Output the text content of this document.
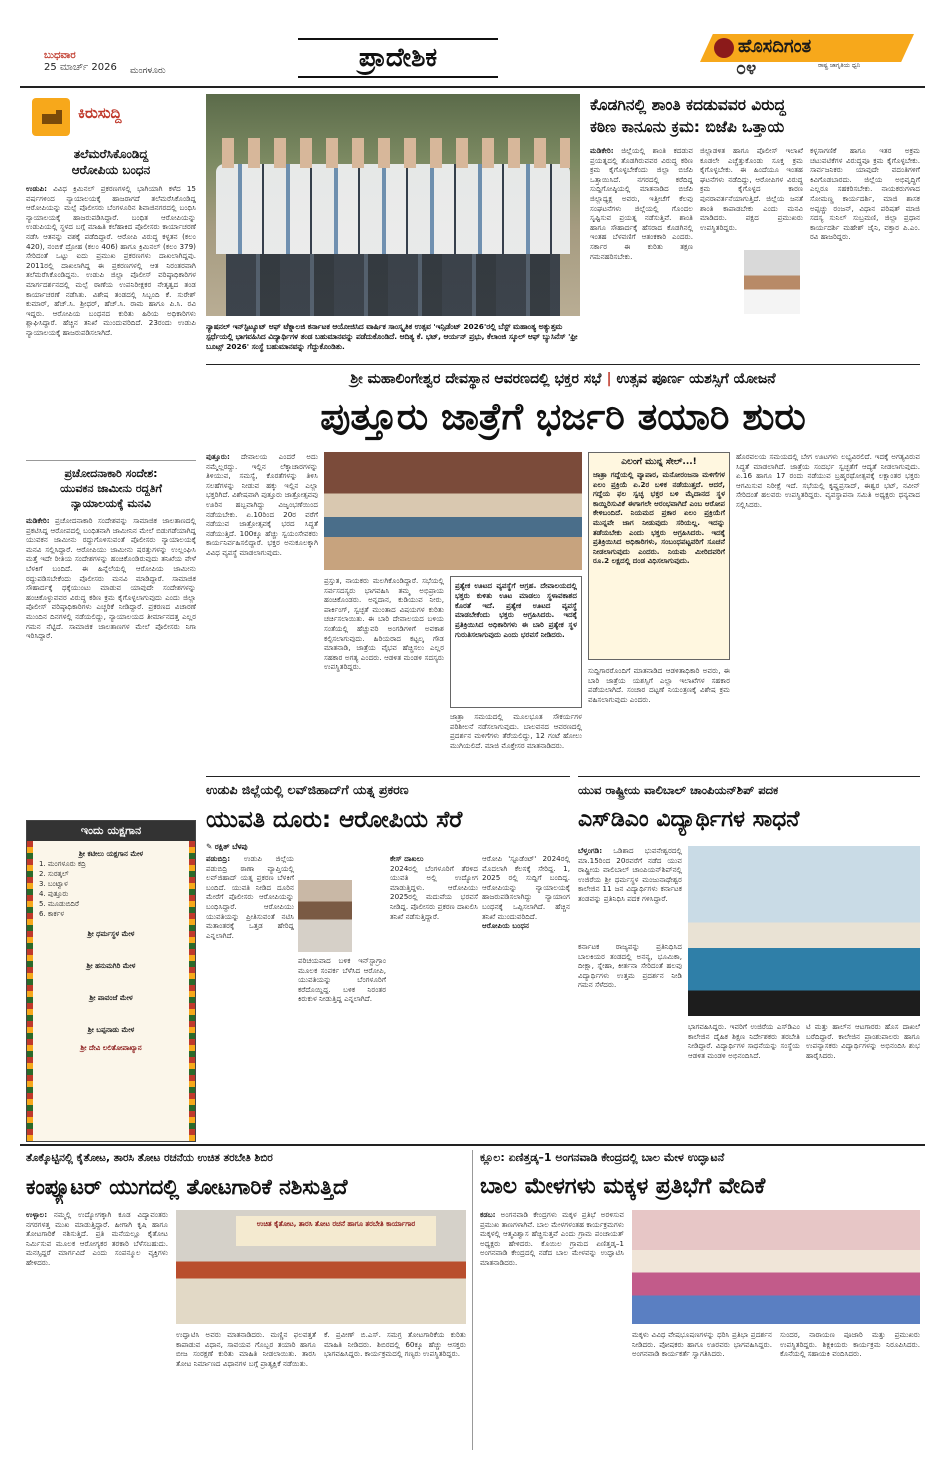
ಬುಧವಾರ
25 ಮಾರ್ಚ್ 2026	ಮಂಗಳೂರು	ಪ್ರಾದೇಶಿಕ	ಹೊಸದಿಗಂತ
ರಾಷ್ಟ್ರ ಜಾಗೃತಿಯ ಧ್ವನಿ
೦೪
ಕಿರುಸುದ್ದಿ
ತಲೆಮರೆಸಿಕೊಂಡಿದ್ದ
ಆರೋಪಿಯ ಬಂಧನ
ಉಡುಪಿ: ವಿವಿಧ ಕ್ರಿಮಿನಲ್ ಪ್ರಕರಣಗಳಲ್ಲಿ ಭಾಗಿಯಾಗಿ ಕಳೆದ 15 ವರ್ಷಗಳಿಂದ ನ್ಯಾಯಾಲಯಕ್ಕೆ ಹಾಜರಾಗದೆ ತಲೆಮರೆಸಿಕೊಂಡಿದ್ದ ಆರೋಪಿಯನ್ನು ಮಲ್ಪೆ ಪೊಲೀಸರು ಬೆಂಗಳೂರಿನ ಶಿವಾಜಿನಗರದಲ್ಲಿ ಬಂಧಿಸಿ ನ್ಯಾಯಾಲಯಕ್ಕೆ ಹಾಜರುಪಡಿಸಿದ್ದಾರೆ. ಬಂಧಿತ ಆರೋಪಿಯನ್ನು ಉಡುಪಿಯಲ್ಲಿ ಸ್ಥಳದ ಬಗ್ಗೆ ಮಾಹಿತಿ ಕಲೆಹಾಕಿದ ಪೊಲೀಸರು ಕಾರ್ಯಾಚರಣೆ ನಡೆಸಿ ಆತನನ್ನು ವಶಕ್ಕೆ ಪಡೆದಿದ್ದಾರೆ. ಆರೋಪಿ ವಿರುದ್ಧ ಕಳ್ಳತನ (ಕಲಂ 420), ನಂಬಿಕೆ ದ್ರೋಹ (ಕಲಂ 406) ಹಾಗೂ ಕ್ರಿಮಿನಲ್ (ಕಲಂ 379) ಸೇರಿದಂತೆ ಒಟ್ಟು ಐದು ಪ್ರಮುಖ ಪ್ರಕರಣಗಳು ದಾಖಲಾಗಿದ್ದವು. 2011ರಲ್ಲಿ ದಾಖಲಾಗಿದ್ದ ಈ ಪ್ರಕರಣಗಳಲ್ಲಿ ಆತ ನಿರಂತರವಾಗಿ ತಲೆಮರೆಸಿಕೊಂಡಿದ್ದನು. ಉಡುಪಿ ಜಿಲ್ಲಾ ಪೊಲೀಸ್ ವರಿಷ್ಠಾಧಿಕಾರಿಗಳ ಮಾರ್ಗದರ್ಶನದಲ್ಲಿ ಮಲ್ಪೆ ಠಾಣೆಯ ಉಪನಿರೀಕ್ಷಕರ ನೇತೃತ್ವದ ತಂಡ ಕಾರ್ಯಾಚರಣೆ ನಡೆಸಿತು. ವಿಶೇಷ ತಂಡದಲ್ಲಿ ಸಿಬ್ಬಂದಿ ಕೆ. ಸುರೇಶ್ ಕುಮಾರ್, ಹೆಚ್.ಸಿ. ಶ್ರೀಧರ್, ಹೆಚ್.ಸಿ. ರಾಮ ಹಾಗೂ ಪಿ.ಸಿ. ರವಿ ಇದ್ದರು. ಆರೋಪಿಯ ಬಂಧನದ ಕುರಿತು ಹಿರಿಯ ಅಧಿಕಾರಿಗಳು ಶ್ಲಾಘಿಸಿದ್ದಾರೆ. ಹೆಚ್ಚಿನ ತನಿಖೆ ಮುಂದುವರಿದಿದೆ. 23ರಂದು ಉಡುಪಿ ನ್ಯಾಯಾಲಯಕ್ಕೆ ಹಾಜರುಪಡಿಸಲಾಗಿದೆ.
ಪ್ರಚೋದನಾಕಾರಿ ಸಂದೇಶ:
ಯುವಕನ ಜಾಮೀನು ರದ್ದತಿಗೆ
ನ್ಯಾಯಾಲಯಕ್ಕೆ ಮನವಿ
ಮಡಿಕೇರಿ: ಪ್ರಚೋದನಾಕಾರಿ ಸಂದೇಶವನ್ನು ಸಾಮಾಜಿಕ ಜಾಲತಾಣದಲ್ಲಿ ಪ್ರಕಟಿಸಿದ್ದ ಆರೋಪದಲ್ಲಿ ಬಂಧಿತನಾಗಿ ಜಾಮೀನಿನ ಮೇಲೆ ಬಿಡುಗಡೆಯಾಗಿದ್ದ ಯುವಕನ ಜಾಮೀನು ರದ್ದುಗೊಳಿಸುವಂತೆ ಪೊಲೀಸರು ನ್ಯಾಯಾಲಯಕ್ಕೆ ಮನವಿ ಸಲ್ಲಿಸಿದ್ದಾರೆ. ಆರೋಪಿಯು ಜಾಮೀನು ಷರತ್ತುಗಳನ್ನು ಉಲ್ಲಂಘಿಸಿ ಮತ್ತೆ ಇದೇ ರೀತಿಯ ಸಂದೇಶಗಳನ್ನು ಹಂಚಿಕೊಂಡಿರುವುದು ತನಿಖೆಯ ವೇಳೆ ಬೆಳಕಿಗೆ ಬಂದಿದೆ. ಈ ಹಿನ್ನೆಲೆಯಲ್ಲಿ ಆರೋಪಿಯ ಜಾಮೀನು ರದ್ದುಪಡಿಸಬೇಕೆಂದು ಪೊಲೀಸರು ಮನವಿ ಮಾಡಿದ್ದಾರೆ. ಸಾಮಾಜಿಕ ಸೌಹಾರ್ದಕ್ಕೆ ಧಕ್ಕೆಯುಂಟು ಮಾಡುವ ಯಾವುದೇ ಸಂದೇಶಗಳನ್ನು ಹಂಚಿಕೊಳ್ಳುವವರ ವಿರುದ್ಧ ಕಠಿಣ ಕ್ರಮ ಕೈಗೊಳ್ಳಲಾಗುವುದು ಎಂದು ಜಿಲ್ಲಾ ಪೊಲೀಸ್ ವರಿಷ್ಠಾಧಿಕಾರಿಗಳು ಎಚ್ಚರಿಕೆ ನೀಡಿದ್ದಾರೆ. ಪ್ರಕರಣದ ವಿಚಾರಣೆ ಮುಂದಿನ ದಿನಗಳಲ್ಲಿ ನಡೆಯಲಿದ್ದು, ನ್ಯಾಯಾಲಯದ ತೀರ್ಮಾನದತ್ತ ಎಲ್ಲರ ಗಮನ ನೆಟ್ಟಿದೆ. ಸಾಮಾಜಿಕ ಜಾಲತಾಣಗಳ ಮೇಲೆ ಪೊಲೀಸರು ನಿಗಾ ಇರಿಸಿದ್ದಾರೆ.
ಇಂದು ಯಕ್ಷಗಾನ
ಶ್ರೀ ಕಟೀಲು ಯಕ್ಷಗಾನ ಮೇಳ
1. ಮಂಗಳೂರು ಕದ್ರಿ
2. ಸುರತ್ಕಲ್
3. ಬಂಟ್ವಾಳ
4. ಪುತ್ತೂರು
5. ಮೂಡುಬಿದಿರೆ
6. ಕಾರ್ಕಳ
ಶ್ರೀ ಧರ್ಮಸ್ಥಳ ಮೇಳ
ಶ್ರೀ ಹನುಮಗಿರಿ ಮೇಳ
ಶ್ರೀ ಪಾವಂಜೆ ಮೇಳ
ಶ್ರೀ ಬಪ್ಪನಾಡು ಮೇಳ
ಶ್ರೀ ದೇವಿ ಲಲಿತೋಪಾಖ್ಯಾನ
ನ್ಯಾಷನಲ್ ಇನ್‌ಸ್ಟಿಟ್ಯೂಟ್ ಆಫ್ ಟೆಕ್ನಾಲಜಿ ಕರ್ನಾಟಕ ಆಯೋಜಿಸಿದ ವಾರ್ಷಿಕ ಸಾಂಸ್ಕೃತಿಕ ಉತ್ಸವ 'ಇನ್ಸಿಡೆಂಟ್ 2026'ರಲ್ಲಿ ಬೆಸ್ಟ್ ಮಹಾಂತ್ಯ ಅತ್ಯುತ್ತಮ ಸ್ಪರ್ಧೆಯಲ್ಲಿ ಭಾಗವಹಿಸಿದ ವಿದ್ಯಾರ್ಥಿಗಳ ತಂಡ ಬಹುಮಾನವನ್ನು ಪಡೆದುಕೊಂಡಿದೆ. ಆದಿತ್ಯ ಕೆ. ಭಟ್, ಆರ್ಯನ್ ಪ್ರಭು, ಕೆಲಾಂಜಿ ಸ್ಕೂಲ್ ಆಫ್ ಬ್ಯುಸಿನೆಸ್ 'ಫ್ರೀ ಬೂಟ್ಸ್ 2026' ಸಂಸ್ಥೆ ಬಹುಮಾನವನ್ನು ಗೆದ್ದುಕೊಂಡಿತು.
ಕೊಡಗಿನಲ್ಲಿ ಶಾಂತಿ ಕದಡುವವರ ವಿರುದ್ಧ
ಕಠಿಣ ಕಾನೂನು ಕ್ರಮ: ಬಿಜೆಪಿ ಒತ್ತಾಯ
ಮಡಿಕೇರಿ: ಜಿಲ್ಲೆಯಲ್ಲಿ ಶಾಂತಿ ಕದಡುವ ಪ್ರಯತ್ನದಲ್ಲಿ ತೊಡಗಿರುವವರ ವಿರುದ್ಧ ಕಠಿಣ ಕ್ರಮ ಕೈಗೊಳ್ಳಬೇಕೆಂದು ಜಿಲ್ಲಾ ಬಿಜೆಪಿ ಒತ್ತಾಯಿಸಿದೆ. ನಗರದಲ್ಲಿ ಕರೆದಿದ್ದ ಸುದ್ದಿಗೋಷ್ಠಿಯಲ್ಲಿ ಮಾತನಾಡಿದ ಬಿಜೆಪಿ ಜಿಲ್ಲಾಧ್ಯಕ್ಷ ಅವರು, ಇತ್ತೀಚೆಗೆ ಕೆಲವು ಸಂಘಟನೆಗಳು ಜಿಲ್ಲೆಯಲ್ಲಿ ಗೊಂದಲ ಸೃಷ್ಟಿಸುವ ಪ್ರಯತ್ನ ನಡೆಸುತ್ತಿವೆ. ಶಾಂತಿ ಹಾಗೂ ಸೌಹಾರ್ದಕ್ಕೆ ಹೆಸರಾದ ಕೊಡಗಿನಲ್ಲಿ ಇಂತಹ ಬೆಳವಣಿಗೆ ಆತಂಕಕಾರಿ ಎಂದರು. ಸರ್ಕಾರ ಈ ಕುರಿತು ತಕ್ಷಣ ಗಮನಹರಿಸಬೇಕು.
ಜಿಲ್ಲಾಡಳಿತ ಹಾಗೂ ಪೊಲೀಸ್ ಇಲಾಖೆ ಕೂಡಲೇ ಎಚ್ಚೆತ್ತುಕೊಂಡು ಸೂಕ್ತ ಕ್ರಮ ಕೈಗೊಳ್ಳಬೇಕು. ಈ ಹಿಂದೆಯೂ ಇಂತಹ ಘಟನೆಗಳು ನಡೆದಿದ್ದು, ಆರೋಪಿಗಳ ವಿರುದ್ಧ ಕ್ರಮ ಕೈಗೊಳ್ಳದ ಕಾರಣ ಪುನರಾವರ್ತನೆಯಾಗುತ್ತಿದೆ. ಜಿಲ್ಲೆಯ ಜನತೆ ಶಾಂತಿ ಕಾಪಾಡಬೇಕು ಎಂದು ಮನವಿ ಮಾಡಿದರು. ಪಕ್ಷದ ಪ್ರಮುಖರು ಉಪಸ್ಥಿತರಿದ್ದರು.
ಕಳ್ಳಸಾಗಣಿಕೆ ಹಾಗೂ ಇತರ ಅಕ್ರಮ ಚಟುವಟಿಕೆಗಳ ವಿರುದ್ಧವೂ ಕ್ರಮ ಕೈಗೊಳ್ಳಬೇಕು. ಸಾರ್ವಜನಿಕರು ಯಾವುದೇ ವದಂತಿಗಳಿಗೆ ಕಿವಿಗೊಡಬಾರದು. ಜಿಲ್ಲೆಯ ಅಭಿವೃದ್ಧಿಗೆ ಎಲ್ಲರೂ ಸಹಕರಿಸಬೇಕು. ನಾಯಕರುಗಳಾದ ಸೋಮಣ್ಣ ಕಾರ್ಯದರ್ಶಿ, ಮಾಜಿ ಶಾಸಕ ಅಪ್ಪಚ್ಚು ರಂಜನ್, ವಿಧಾನ ಪರಿಷತ್ ಮಾಜಿ ಸದಸ್ಯ ಸುನಿಲ್ ಸುಬ್ರಮಣಿ, ಜಿಲ್ಲಾ ಪ್ರಧಾನ ಕಾರ್ಯದರ್ಶಿ ಮಹೇಶ್ ಜೈನಿ, ವಕ್ತಾರ ಪಿ.ಎಂ. ರವಿ ಹಾಜರಿದ್ದರು.
ಶ್ರೀ ಮಹಾಲಿಂಗೇಶ್ವರ ದೇವಸ್ಥಾನ ಆವರಣದಲ್ಲಿ ಭಕ್ತರ ಸಭೆ | ಉತ್ಸವ ಪೂರ್ಣ ಯಶಸ್ಸಿಗೆ ಯೋಜನೆ
ಪುತ್ತೂರು ಜಾತ್ರೆಗೆ ಭರ್ಜರಿ ತಯಾರಿ ಶುರು
ಪುತ್ತೂರು: ದೇವಾಲಯ ಎಂದರೆ ಅದು ನಮ್ಮೆಲ್ಲರದ್ದು. ಇಲ್ಲಿನ ಲೆಕ್ಕಾಚಾರಗಳನ್ನು ತಿಳಿಯುವ, ಸಮಸ್ಯೆ, ಕೊರತೆಗಳನ್ನು ತಿಳಿಸಿ ಸಲಹೆಗಳನ್ನು ನೀಡುವ ಹಕ್ಕು ಇಲ್ಲಿನ ಎಲ್ಲಾ ಭಕ್ತರಿಗಿದೆ. ವಿಶೇಷವಾಗಿ ಪುತ್ತೂರು ಜಾತ್ರೋತ್ಸವವು ಊರಿನ ಹಬ್ಬವಾಗಿದ್ದು ವಿಜೃಂಭಣೆಯಿಂದ ನಡೆಯಬೇಕು. ಏ.10ರಿಂದ 20ರ ವರೆಗೆ ನಡೆಯುವ ಜಾತ್ರೋತ್ಸವಕ್ಕೆ ಭರದ ಸಿದ್ಧತೆ ನಡೆಯುತ್ತಿದೆ. 100ಕ್ಕೂ ಹೆಚ್ಚು ಸ್ವಯಂಸೇವಕರು ಕಾರ್ಯನಿರ್ವಹಿಸಲಿದ್ದಾರೆ. ಭಕ್ತರ ಅನುಕೂಲಕ್ಕಾಗಿ ವಿವಿಧ ವ್ಯವಸ್ಥೆ ಮಾಡಲಾಗುವುದು.
ಪ್ರಸ್ತುತ, ನಾಯಕರು ಮಲಗಿಕೊಂಡಿದ್ದಾರೆ. ಸಭೆಯಲ್ಲಿ ಸರ್ವಸದಸ್ಯರು ಭಾಗವಹಿಸಿ ತಮ್ಮ ಅಭಿಪ್ರಾಯ ಹಂಚಿಕೊಂಡರು. ಅನ್ನದಾನ, ಕುಡಿಯುವ ನೀರು, ಪಾರ್ಕಿಂಗ್, ಸ್ವಚ್ಛತೆ ಮುಂತಾದ ವಿಷಯಗಳ ಕುರಿತು ಚರ್ಚಿಸಲಾಯಿತು. ಈ ಬಾರಿ ದೇವಾಲಯದ ಬಳಿಯ ಸಂತೆಯಲ್ಲಿ ಹೆಚ್ಚುವರಿ ಅಂಗಡಿಗಳಿಗೆ ಅವಕಾಶ ಕಲ್ಪಿಸಲಾಗುವುದು. ಹಿರಿಯರಾದ ಕಟ್ಟಲ್ಕ ಗೌಡ ಮಾತನಾಡಿ, ಜಾತ್ರೆಯ ವೈಭವ ಹೆಚ್ಚಿಸಲು ಎಲ್ಲರ ಸಹಕಾರ ಅಗತ್ಯ ಎಂದರು. ಆಡಳಿತ ಮಂಡಳಿ ಸದಸ್ಯರು ಉಪಸ್ಥಿತರಿದ್ದರು.
ಪ್ರತ್ಯೇಕ ಊಟದ ವ್ಯವಸ್ಥೆಗೆ ಆಗ್ರಹ. ದೇವಾಲಯದಲ್ಲಿ ಭಕ್ತರು ಕುಳಿತು ಊಟ ಮಾಡಲು ಸ್ಥಳಾವಕಾಶದ ಕೊರತೆ ಇದೆ. ಪ್ರತ್ಯೇಕ ಊಟದ ವ್ಯವಸ್ಥೆ ಮಾಡಬೇಕೆಂದು ಭಕ್ತರು ಆಗ್ರಹಿಸಿದರು. ಇದಕ್ಕೆ ಪ್ರತಿಕ್ರಿಯಿಸಿದ ಅಧಿಕಾರಿಗಳು ಈ ಬಾರಿ ಪ್ರತ್ಯೇಕ ಸ್ಥಳ ಗುರುತಿಸಲಾಗುವುದು ಎಂದು ಭರವಸೆ ನೀಡಿದರು.
ಜಾತ್ರಾ ಸಮಯದಲ್ಲಿ ಮೂಲಭೂತ ಸೌಕರ್ಯಗಳ ಪರಿಶೀಲನೆ ನಡೆಸಲಾಗುವುದು. ಬಾಲವನದ ಆವರಣದಲ್ಲಿ ಪ್ರದರ್ಶನ ಮಳಿಗೆಗಳು ತೆರೆಯಲಿದ್ದು, 12 ಗಂಟೆ ಹೋಲು ಮುಗಿಯಲಿದೆ. ಮಾಜಿ ಮೊಕ್ತೇಸರ ಮಾತನಾಡಿದರು.
ಎಲಂಗೆ ಮುನ್ನ ಸೇಲ್...!
ಜಾತ್ರಾ ಗದ್ದೆಯಲ್ಲಿ ವ್ಯಾಪಾರ, ಮನೋರಂಜನಾ ಮಳಿಗೆಗಳ ಏಲಂ ಪ್ರಕ್ರಿಯೆ ಏ.2ರ ಬಳಿಕ ನಡೆಯುತ್ತದೆ. ಆದರೆ, ಗದ್ದೆಯ ಫಲ ಸ್ವಚ್ಛ ಭಕ್ತರ ಬಳಿ ಮೈದಾನದ ಸ್ಥಳ ಕಾಯ್ದಿರಿಸುವಿಕೆ ಈಗಾಗಲೇ ಆರಂಭವಾಗಿದೆ ಎಂಬ ಆರೋಪ ಕೇಳಿಬಂದಿದೆ. ನಿಯಮದ ಪ್ರಕಾರ ಏಲಂ ಪ್ರಕ್ರಿಯೆಗೆ ಮುನ್ನವೇ ಜಾಗ ನೀಡುವುದು ಸರಿಯಲ್ಲ. ಇದನ್ನು ತಡೆಯಬೇಕು ಎಂದು ಭಕ್ತರು ಆಗ್ರಹಿಸಿದರು. ಇದಕ್ಕೆ ಪ್ರತಿಕ್ರಿಯಿಸಿದ ಅಧಿಕಾರಿಗಳು, ಸಂಬಂಧಪಟ್ಟವರಿಗೆ ಸೂಚನೆ ನೀಡಲಾಗುವುದು ಎಂದರು. ನಿಯಮ ಮೀರಿದವರಿಗೆ ರೂ.2 ಲಕ್ಷದಲ್ಲಿ ದಂಡ ವಿಧಿಸಲಾಗುವುದು.
ಸುದ್ದಿಗಾರರೊಂದಿಗೆ ಮಾತನಾಡಿದ ಆಡಳಿತಾಧಿಕಾರಿ ಅವರು, ಈ ಬಾರಿ ಜಾತ್ರೆಯ ಯಶಸ್ಸಿಗೆ ಎಲ್ಲಾ ಇಲಾಖೆಗಳ ಸಹಕಾರ ಪಡೆಯಲಾಗಿದೆ. ಸಂಚಾರ ದಟ್ಟಣೆ ನಿಯಂತ್ರಣಕ್ಕೆ ವಿಶೇಷ ಕ್ರಮ ವಹಿಸಲಾಗುವುದು ಎಂದರು.
ಹೊರವಲಯ ಸಮಯದಲ್ಲಿ ಬೇಗ ಊಟಗಳು ಲಭ್ಯವಿರಲಿದೆ. ಇದಕ್ಕೆ ಅಗತ್ಯವಿರುವ ಸಿದ್ಧತೆ ಮಾಡಲಾಗಿದೆ. ಜಾತ್ರೆಯ ಸಂದರ್ಭ ಸ್ವಚ್ಛತೆಗೆ ಆದ್ಯತೆ ನೀಡಲಾಗುವುದು. ಏ.16 ಹಾಗೂ 17 ರಂದು ನಡೆಯುವ ಬ್ರಹ್ಮರಥೋತ್ಸವಕ್ಕೆ ಲಕ್ಷಾಂತರ ಭಕ್ತರು ಆಗಮಿಸುವ ನಿರೀಕ್ಷೆ ಇದೆ. ಸಭೆಯಲ್ಲಿ ಕೃಷ್ಣಪ್ರಸಾದ್, ಈಶ್ವರ ಭಟ್, ನವೀನ್ ಸೇರಿದಂತೆ ಹಲವರು ಉಪಸ್ಥಿತರಿದ್ದರು. ವ್ಯವಸ್ಥಾಪನಾ ಸಮಿತಿ ಅಧ್ಯಕ್ಷರು ಧನ್ಯವಾದ ಸಲ್ಲಿಸಿದರು.
ಉಡುಪಿ ಜಿಲ್ಲೆಯಲ್ಲಿ ಲವ್‌ಜಿಹಾದ್‌ಗೆ ಯತ್ನ ಪ್ರಕರಣ
ಯುವತಿ ದೂರು: ಆರೋಪಿಯ ಸೆರೆ
✎ ರಕ್ಷಿತ್ ಬೆಳಪು
ಪಡುಬಿದ್ರಿ: ಉಡುಪಿ ಜಿಲ್ಲೆಯ ಪಡುಬಿದ್ರಿ ಠಾಣಾ ವ್ಯಾಪ್ತಿಯಲ್ಲಿ ಲವ್‌ಜಿಹಾದ್ ಯತ್ನ ಪ್ರಕರಣ ಬೆಳಕಿಗೆ ಬಂದಿದೆ. ಯುವತಿ ನೀಡಿದ ದೂರಿನ ಮೇರೆಗೆ ಪೊಲೀಸರು ಆರೋಪಿಯನ್ನು ಬಂಧಿಸಿದ್ದಾರೆ. ಆರೋಪಿಯು ಯುವತಿಯನ್ನು ಪ್ರೀತಿಸುವಂತೆ ನಟಿಸಿ ಮತಾಂತರಕ್ಕೆ ಒತ್ತಡ ಹೇರಿದ್ದ ಎನ್ನಲಾಗಿದೆ.
ಪರಿಚಯವಾದ ಬಳಿಕ ಇನ್‌ಸ್ಟಾಗ್ರಾಂ ಮೂಲಕ ಸಂಪರ್ಕ ಬೆಳೆಸಿದ ಆರೋಪಿ, ಯುವತಿಯನ್ನು ಬೆಂಗಳೂರಿಗೆ ಕರೆದೊಯ್ದಿದ್ದ. ಬಳಿಕ ನಿರಂತರ ಕಿರುಕುಳ ನೀಡುತ್ತಿದ್ದ ಎನ್ನಲಾಗಿದೆ.
ಕೇಸ್ ದಾಖಲು
2024ರಲ್ಲಿ ಬೆಂಗಳೂರಿಗೆ ತೆರಳಿದ ಯುವತಿ ಅಲ್ಲಿ ಉದ್ಯೋಗ ಮಾಡುತ್ತಿದ್ದಳು. ಆರೋಪಿಯು 2025ರಲ್ಲಿ ಮದುವೆಯ ಭರವಸೆ ನೀಡಿದ್ದ. ಪೊಲೀಸರು ಪ್ರಕರಣ ದಾಖಲಿಸಿ ತನಿಖೆ ನಡೆಸುತ್ತಿದ್ದಾರೆ.
ಆರೋಪಿ 'ಸ್ಟೂಡೆಂಟ್' 2024ರಲ್ಲಿ ಮೊದಲಾಗಿ ಕೆಲಸಕ್ಕೆ ಸೇರಿದ್ದ. 1, 2025 ರಲ್ಲಿ ಸುದ್ದಿಗೆ ಬಂದಿದ್ದ. ಆರೋಪಿಯನ್ನು ನ್ಯಾಯಾಲಯಕ್ಕೆ ಹಾಜರುಪಡಿಸಲಾಗಿದ್ದು ನ್ಯಾಯಾಂಗ ಬಂಧನಕ್ಕೆ ಒಪ್ಪಿಸಲಾಗಿದೆ. ಹೆಚ್ಚಿನ ತನಿಖೆ ಮುಂದುವರಿದಿದೆ.
ಆರೋಪಿಯ ಬಂಧನ
ಯುವ ರಾಷ್ಟ್ರೀಯ ವಾಲಿಬಾಲ್ ಚಾಂಪಿಯನ್‌ಶಿಪ್ ಪದಕ
ಎಸ್‌ಡಿಎಂ ವಿದ್ಯಾರ್ಥಿಗಳ ಸಾಧನೆ
ಬೆಳ್ತಂಗಡಿ: ಒಡಿಶಾದ ಭುವನೇಶ್ವರದಲ್ಲಿ ಮಾ.15ರಿಂದ 20ರವರೆಗೆ ನಡೆದ ಯುವ ರಾಷ್ಟ್ರೀಯ ವಾಲಿಬಾಲ್ ಚಾಂಪಿಯನ್‌ಶಿಪ್‌ನಲ್ಲಿ ಉಜಿರೆಯ ಶ್ರೀ ಧರ್ಮಸ್ಥಳ ಮಂಜುನಾಥೇಶ್ವರ ಕಾಲೇಜಿನ 11 ಜನ ವಿದ್ಯಾರ್ಥಿಗಳು ಕರ್ನಾಟಕ ತಂಡವನ್ನು ಪ್ರತಿನಿಧಿಸಿ ಪದಕ ಗಳಿಸಿದ್ದಾರೆ.
ಕರ್ನಾಟಕ ರಾಜ್ಯವನ್ನು ಪ್ರತಿನಿಧಿಸಿದ ಬಾಲಕಿಯರ ತಂಡದಲ್ಲಿ ಅನನ್ಯ, ಭೂಮಿಕಾ, ದೀಕ್ಷಾ, ಸ್ನೇಹಾ, ಕೀರ್ತನಾ ಸೇರಿದಂತೆ ಹಲವು ವಿದ್ಯಾರ್ಥಿಗಳು ಉತ್ತಮ ಪ್ರದರ್ಶನ ನೀಡಿ ಗಮನ ಸೆಳೆದರು.
ಭಾಗವಹಿಸಿದ್ದರು. ಇವರಿಗೆ ಉಜಿರೆಯ ಎಸ್‌ಡಿಎಂ ಕಾಲೇಜಿನ ದೈಹಿಕ ಶಿಕ್ಷಣ ನಿರ್ದೇಶಕರು ತರಬೇತಿ ನೀಡಿದ್ದಾರೆ. ವಿದ್ಯಾರ್ಥಿಗಳ ಸಾಧನೆಯನ್ನು ಸಂಸ್ಥೆಯ ಆಡಳಿತ ಮಂಡಳಿ ಅಭಿನಂದಿಸಿದೆ.
ಟಿ ಮತ್ತು ಹಾಲ್‌ನ ಆಟಗಾರರು ಹೊಸ ದಾಖಲೆ ಬರೆದಿದ್ದಾರೆ. ಕಾಲೇಜಿನ ಪ್ರಾಂಶುಪಾಲರು ಹಾಗೂ ಉಪನ್ಯಾಸಕರು ವಿದ್ಯಾರ್ಥಿಗಳನ್ನು ಅಭಿನಂದಿಸಿ ಶುಭ ಹಾರೈಸಿದರು.
ತೊಕ್ಕೊಟ್ಟಿನಲ್ಲಿ ಕೈತೋಟ, ತಾರಸಿ ತೋಟ ರಚನೆಯ ಉಚಿತ ತರಬೇತಿ ಶಿಬಿರ
ಕಂಪ್ಯೂಟರ್ ಯುಗದಲ್ಲಿ ತೋಟಗಾರಿಕೆ ನಶಿಸುತ್ತಿದೆ
ಉಳ್ಳಾಲ: ನಮ್ಮಲ್ಲಿ ಉದ್ಯೋಗಕ್ಕಾಗಿ ಕೂಡ ವಿದ್ಯಾವಂತರು ನಗರಗಳತ್ತ ಮುಖ ಮಾಡುತ್ತಿದ್ದಾರೆ. ಹೀಗಾಗಿ ಕೃಷಿ ಹಾಗೂ ತೋಟಗಾರಿಕೆ ನಶಿಸುತ್ತಿದೆ. ಪ್ರತಿ ಮನೆಯಲ್ಲೂ ಕೈತೋಟ ನಿರ್ಮಿಸುವ ಮೂಲಕ ಆರೋಗ್ಯಕರ ತರಕಾರಿ ಬೆಳೆಸಬಹುದು. ಮನಸ್ಸಿದ್ದರೆ ಮಾರ್ಗವಿದೆ ಎಂದು ಸಂಪನ್ಮೂಲ ವ್ಯಕ್ತಿಗಳು ಹೇಳಿದರು.
ಉಚಿತ ಕೈತೋಟ, ತಾರಸಿ ತೋಟ ರಚನೆ ಹಾಗೂ ತರಬೇತಿ ಕಾರ್ಯಾಗಾರ
ಉದ್ಘಾಟಿಸಿ ಅವರು ಮಾತನಾಡಿದರು. ಮಣ್ಣಿನ ಫಲವತ್ತತೆ ಕಾಪಾಡುವ ವಿಧಾನ, ಸಾವಯವ ಗೊಬ್ಬರ ತಯಾರಿ ಹಾಗೂ ಬೀಜ ಸಂರಕ್ಷಣೆ ಕುರಿತು ಮಾಹಿತಿ ನೀಡಲಾಯಿತು. ತಾರಸಿ ತೋಟ ನಿರ್ಮಾಣದ ವಿಧಾನಗಳ ಬಗ್ಗೆ ಪ್ರಾತ್ಯಕ್ಷಿಕೆ ನಡೆಯಿತು.
ಕೆ. ಪ್ರವೀಣ್ ಬಿ.ಎಸ್. ಸಮಗ್ರ ತೋಟಗಾರಿಕೆಯ ಕುರಿತು ಮಾಹಿತಿ ನೀಡಿದರು. ಶಿಬಿರದಲ್ಲಿ 60ಕ್ಕೂ ಹೆಚ್ಚು ಆಸಕ್ತರು ಭಾಗವಹಿಸಿದ್ದರು. ಕಾರ್ಯಕ್ರಮದಲ್ಲಿ ಗಣ್ಯರು ಉಪಸ್ಥಿತರಿದ್ದರು.
ಕ್ಲೂಲ: ಏಣಿತ್ತಡ್ಕ–1 ಅಂಗನವಾಡಿ ಕೇಂದ್ರದಲ್ಲಿ ಬಾಲ ಮೇಳ ಉದ್ಘಾಟನೆ
ಬಾಲ ಮೇಳಗಳು ಮಕ್ಕಳ ಪ್ರತಿಭೆಗೆ ವೇದಿಕೆ
ಕಡಬ: ಅಂಗನವಾಡಿ ಕೇಂದ್ರಗಳು ಮಕ್ಕಳ ಪ್ರತಿಭೆ ಅರಳಿಸುವ ಪ್ರಮುಖ ತಾಣಗಳಾಗಿವೆ. ಬಾಲ ಮೇಳಗಳಂತಹ ಕಾರ್ಯಕ್ರಮಗಳು ಮಕ್ಕಳಲ್ಲಿ ಆತ್ಮವಿಶ್ವಾಸ ಹೆಚ್ಚಿಸುತ್ತವೆ ಎಂದು ಗ್ರಾಮ ಪಂಚಾಯತ್ ಅಧ್ಯಕ್ಷರು ಹೇಳಿದರು. ಕೊಯಿಲ ಗ್ರಾಮದ ಏಣಿತ್ತಡ್ಕ–1 ಅಂಗನವಾಡಿ ಕೇಂದ್ರದಲ್ಲಿ ನಡೆದ ಬಾಲ ಮೇಳವನ್ನು ಉದ್ಘಾಟಿಸಿ ಮಾತನಾಡಿದರು.
ಮಕ್ಕಳು ವಿವಿಧ ವೇಷಭೂಷಣಗಳನ್ನು ಧರಿಸಿ ಪ್ರತಿಭಾ ಪ್ರದರ್ಶನ ನೀಡಿದರು. ಪೋಷಕರು ಹಾಗೂ ಊರವರು ಭಾಗವಹಿಸಿದ್ದರು. ಅಂಗನವಾಡಿ ಕಾರ್ಯಕರ್ತೆ ಸ್ವಾಗತಿಸಿದರು.
ಸುಂದರ, ನಾರಾಯಣ ಪೂಜಾರಿ ಮತ್ತು ಪ್ರಮುಖರು ಉಪಸ್ಥಿತರಿದ್ದರು. ಶಿಕ್ಷಕಿಯರು ಕಾರ್ಯಕ್ರಮ ನಿರೂಪಿಸಿದರು. ಕೊನೆಯಲ್ಲಿ ಸಹಾಯಕಿ ವಂದಿಸಿದರು.
